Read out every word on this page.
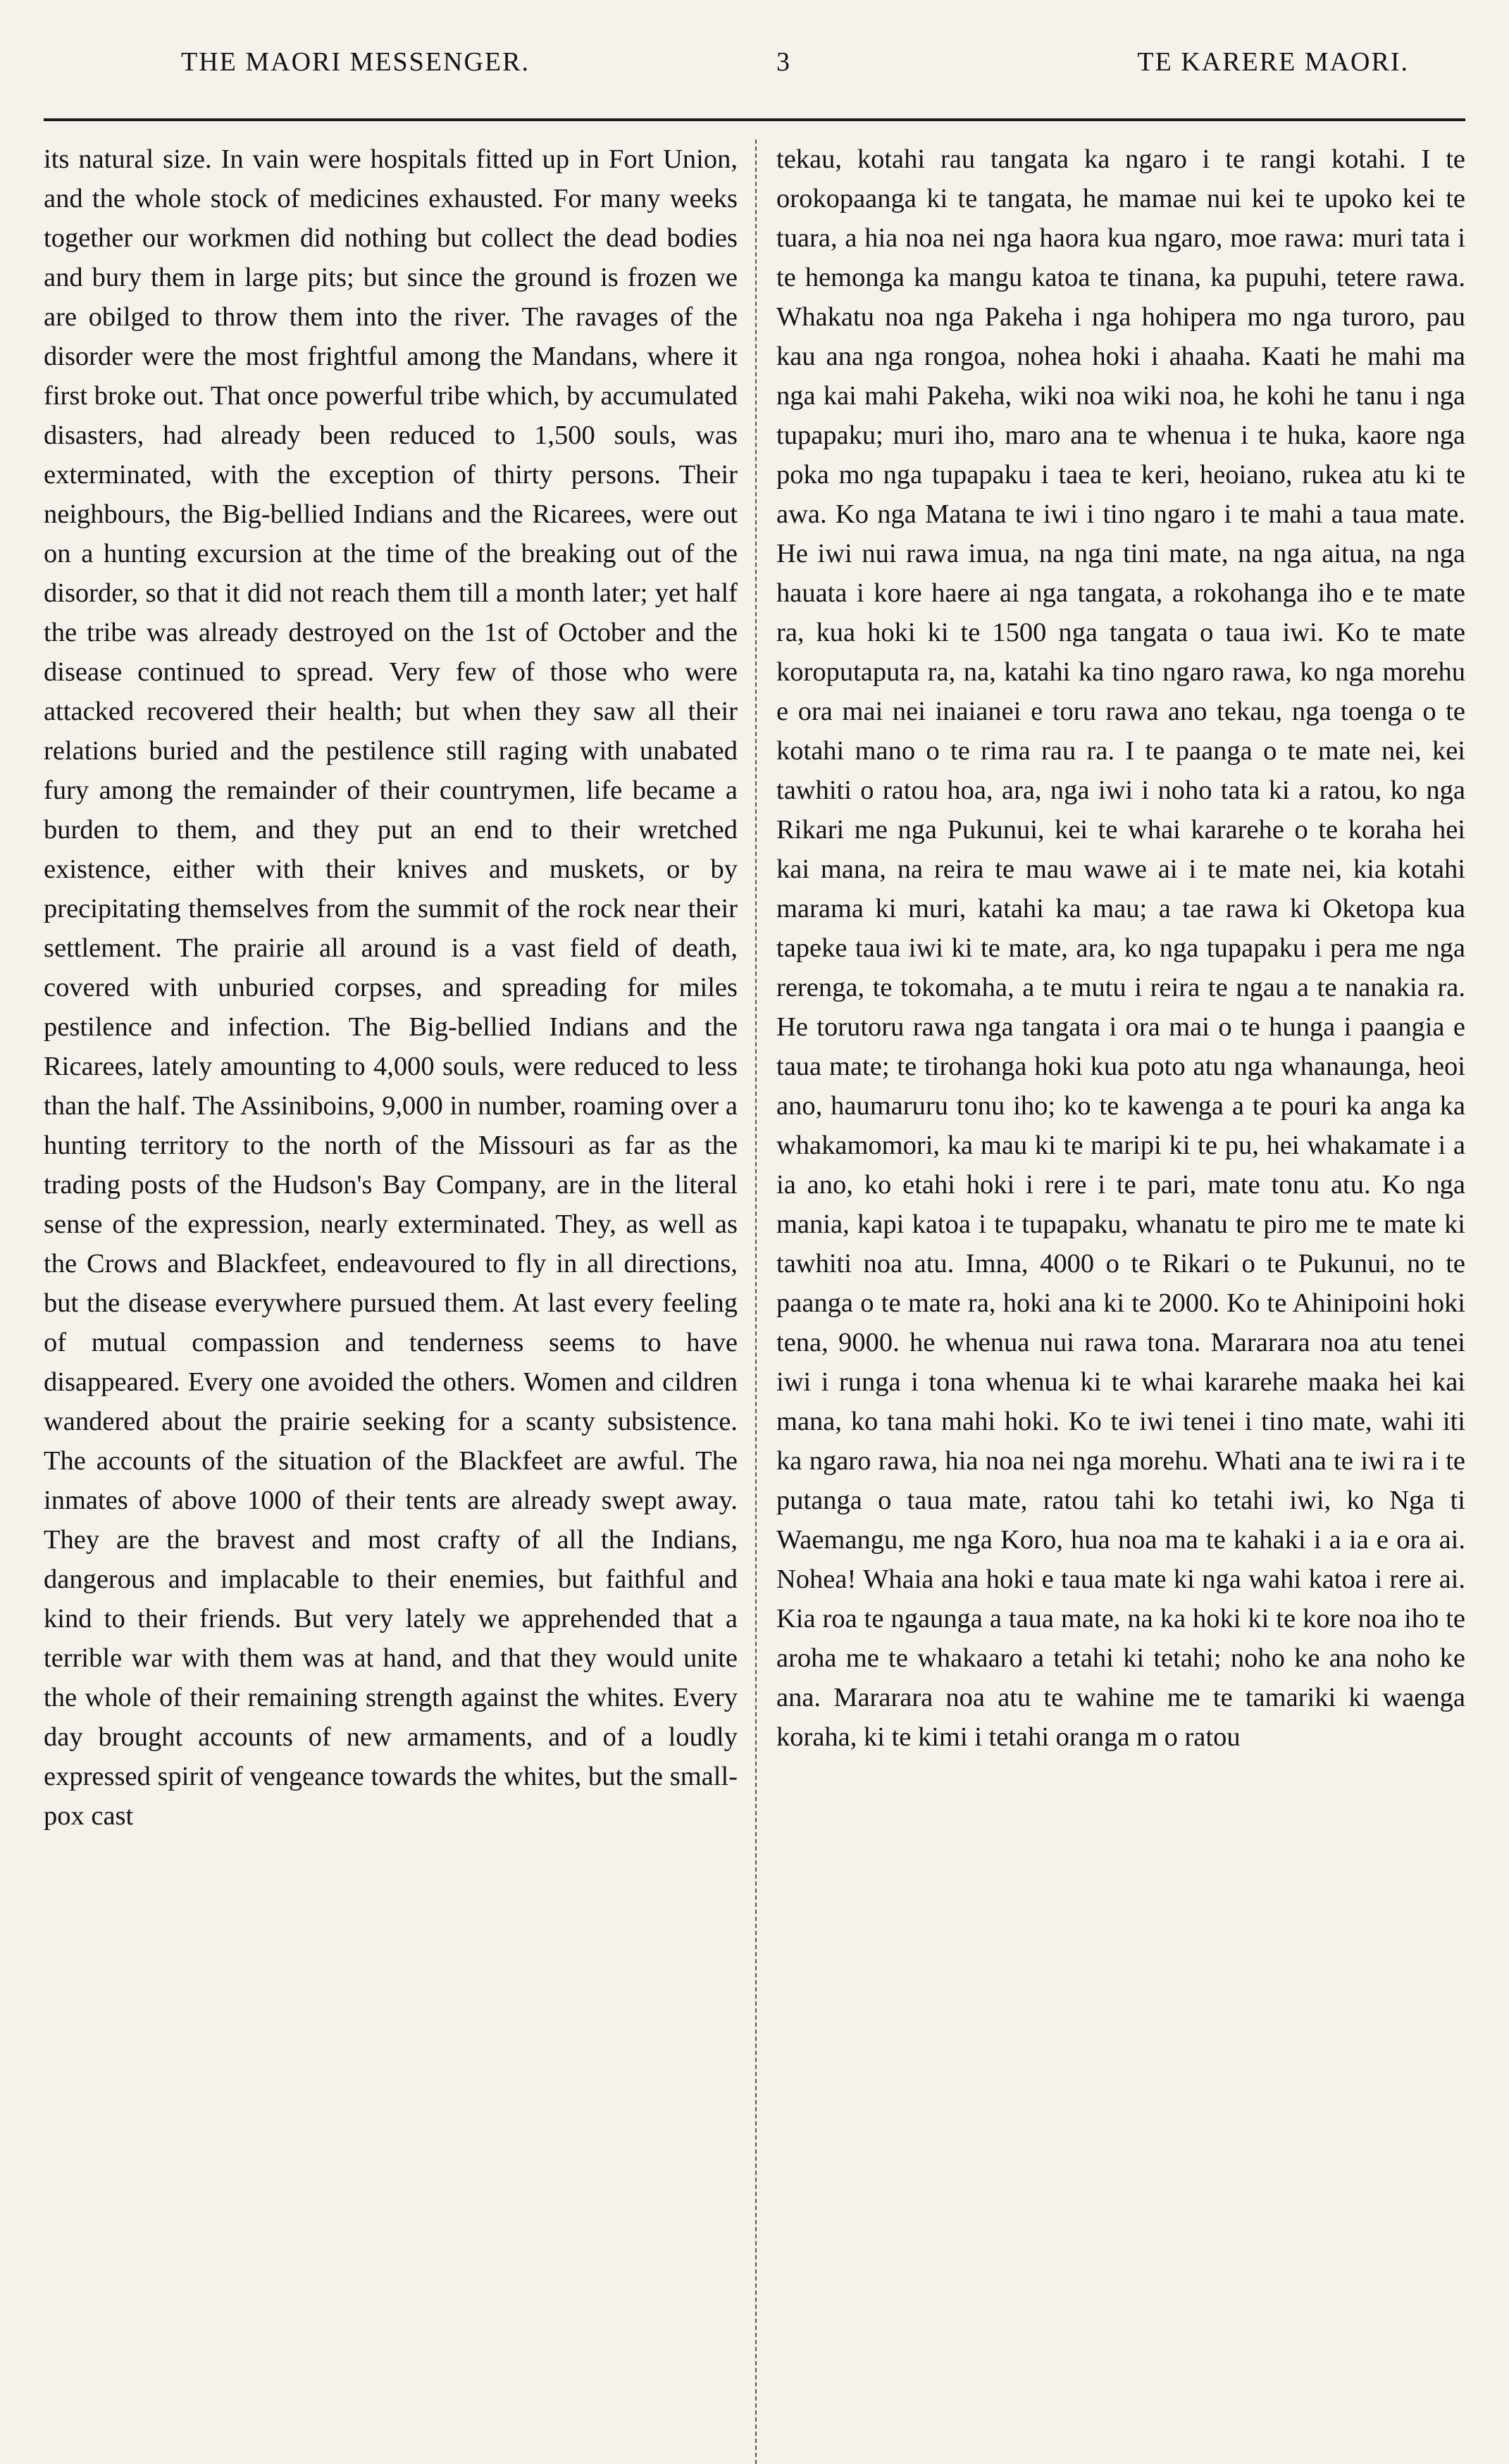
THE MAORI MESSENGER.	3	TE KARERE MAORI.
its natural size. In vain were hospitals fitted up in Fort Union, and the whole stock of medicines exhausted. For many weeks together our workmen did nothing but collect the dead bodies and bury them in large pits; but since the ground is frozen we are obilged to throw them into the river. The ravages of the disorder were the most frightful among the Mandans, where it first broke out. That once powerful tribe which, by accumulated disasters, had already been reduced to 1,500 souls, was exterminated, with the exception of thirty persons. Their neighbours, the Big-bellied Indians and the Ricarees, were out on a hunting excursion at the time of the breaking out of the disorder, so that it did not reach them till a month later; yet half the tribe was already destroyed on the 1st of October and the disease continued to spread. Very few of those who were attacked recovered their health; but when they saw all their relations buried and the pestilence still raging with unabated fury among the remainder of their countrymen, life became a burden to them, and they put an end to their wretched existence, either with their knives and muskets, or by precipitating themselves from the summit of the rock near their settlement. The prairie all around is a vast field of death, covered with unburied corpses, and spreading for miles pestilence and infection. The Big-bellied Indians and the Ricarees, lately amounting to 4,000 souls, were reduced to less than the half. The Assiniboins, 9,000 in number, roaming over a hunting territory to the north of the Missouri as far as the trading posts of the Hudson's Bay Company, are in the literal sense of the expression, nearly exterminated. They, as well as the Crows and Blackfeet, endeavoured to fly in all directions, but the disease everywhere pursued them. At last every feeling of mutual compassion and tenderness seems to have disappeared. Every one avoided the others. Women and cildren wandered about the prairie seeking for a scanty subsistence. The accounts of the situation of the Blackfeet are awful. The inmates of above 1000 of their tents are already swept away. They are the bravest and most crafty of all the Indians, dangerous and implacable to their enemies, but faithful and kind to their friends. But very lately we apprehended that a terrible war with them was at hand, and that they would unite the whole of their remaining strength against the whites. Every day brought accounts of new armaments, and of a loudly expressed spirit of vengeance towards the whites, but the small-pox cast
tekau, kotahi rau tangata ka ngaro i te rangi kotahi. I te orokopaanga ki te tangata, he mamae nui kei te upoko kei te tuara, a hia noa nei nga haora kua ngaro, moe rawa: muri tata i te hemonga ka mangu katoa te tinana, ka pupuhi, tetere rawa. Whakatu noa nga Pakeha i nga hohipera mo nga turoro, pau kau ana nga rongoa, nohea hoki i ahaaha. Kaati he mahi ma nga kai mahi Pakeha, wiki noa wiki noa, he kohi he tanu i nga tupapaku; muri iho, maro ana te whenua i te huka, kaore nga poka mo nga tupapaku i taea te keri, heoiano, rukea atu ki te awa. Ko nga Matana te iwi i tino ngaro i te mahi a taua mate. He iwi nui rawa imua, na nga tini mate, na nga aitua, na nga hauata i kore haere ai nga tangata, a rokohanga iho e te mate ra, kua hoki ki te 1500 nga tangata o taua iwi. Ko te mate koroputaputa ra, na, katahi ka tino ngaro rawa, ko nga morehu e ora mai nei inaianei e toru rawa ano tekau, nga toenga o te kotahi mano o te rima rau ra. I te paanga o te mate nei, kei tawhiti o ratou hoa, ara, nga iwi i noho tata ki a ratou, ko nga Rikari me nga Pukunui, kei te whai kararehe o te koraha hei kai mana, na reira te mau wawe ai i te mate nei, kia kotahi marama ki muri, katahi ka mau; a tae rawa ki Oketopa kua tapeke taua iwi ki te mate, ara, ko nga tupapaku i pera me nga rerenga, te tokomaha, a te mutu i reira te ngau a te nanakia ra. He torutoru rawa nga tangata i ora mai o te hunga i paangia e taua mate; te tirohanga hoki kua poto atu nga whanaunga, heoi ano, haumaruru tonu iho; ko te kawenga a te pouri ka anga ka whakamomori, ka mau ki te maripi ki te pu, hei whakamate i a ia ano, ko etahi hoki i rere i te pari, mate tonu atu. Ko nga mania, kapi katoa i te tupapaku, whanatu te piro me te mate ki tawhiti noa atu. Imna, 4000 o te Rikari o te Pukunui, no te paanga o te mate ra, hoki ana ki te 2000. Ko te Ahinipoini hoki tena, 9000. he whenua nui rawa tona. Mararara noa atu tenei iwi i runga i tona whenua ki te whai kararehe maaka hei kai mana, ko tana mahi hoki. Ko te iwi tenei i tino mate, wahi iti ka ngaro rawa, hia noa nei nga morehu. Whati ana te iwi ra i te putanga o taua mate, ratou tahi ko tetahi iwi, ko Nga ti Waemangu, me nga Koro, hua noa ma te kahaki i a ia e ora ai. Nohea! Whaia ana hoki e taua mate ki nga wahi katoa i rere ai. Kia roa te ngaunga a taua mate, na ka hoki ki te kore noa iho te aroha me te whakaaro a tetahi ki tetahi; noho ke ana noho ke ana. Mararara noa atu te wahine me te tamariki ki waenga koraha, ki te kimi i tetahi oranga m o ratou
